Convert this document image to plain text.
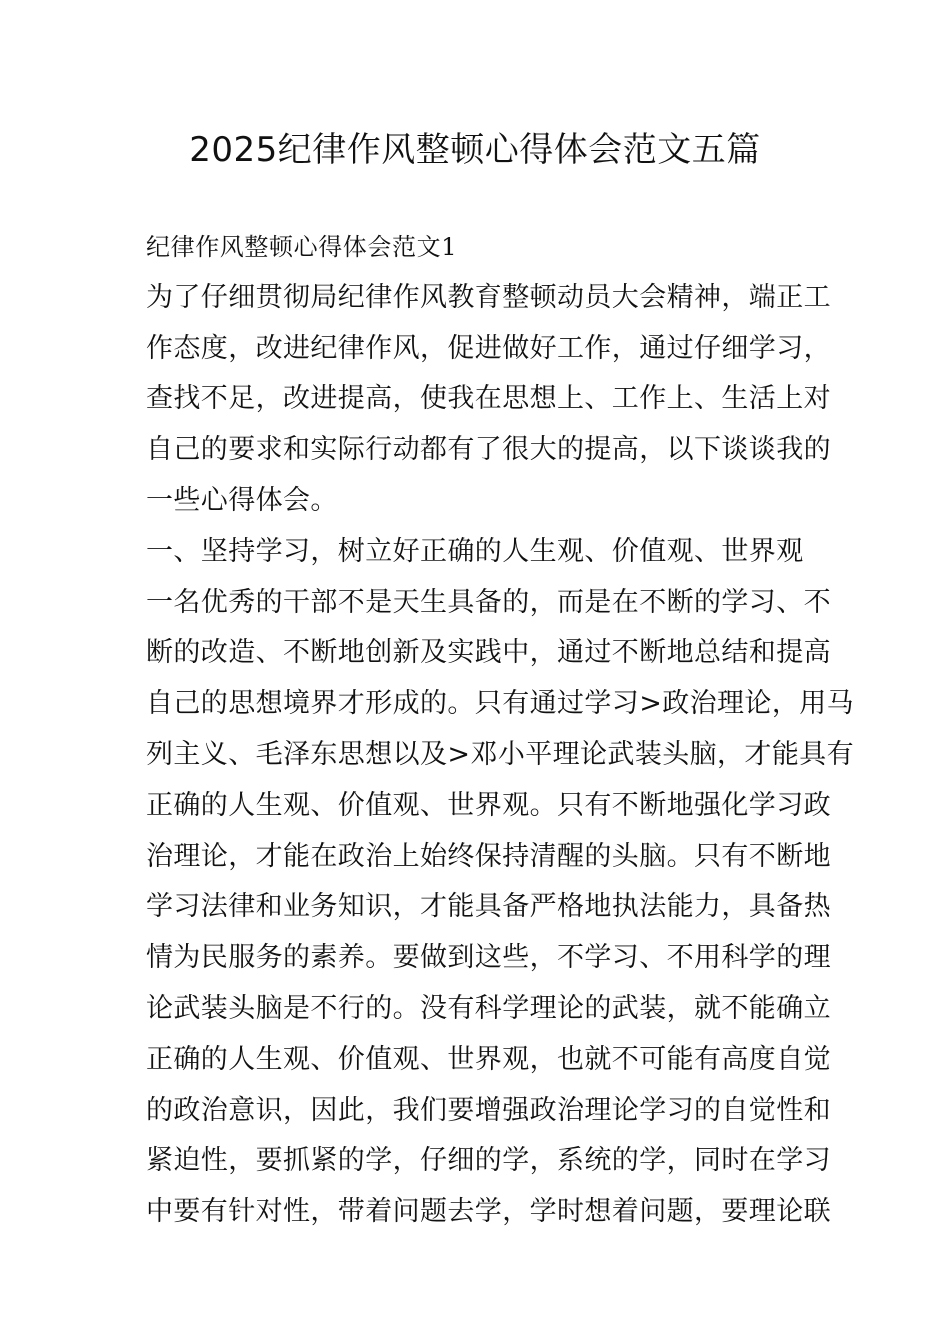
2025纪律作风整顿心得体会范文五篇
纪律作风整顿心得体会范文1
为了仔细贯彻局纪律作风教育整顿动员大会精神，端正工
作态度，改进纪律作风，促进做好工作，通过仔细学习，
查找不足，改进提高，使我在思想上、工作上、生活上对
自己的要求和实际行动都有了很大的提高，以下谈谈我的
一些心得体会。
一、坚持学习，树立好正确的人生观、价值观、世界观
一名优秀的干部不是天生具备的，而是在不断的学习、不
断的改造、不断地创新及实践中，通过不断地总结和提高
自己的思想境界才形成的。只有通过学习>政治理论，用马
列主义、毛泽东思想以及>邓小平理论武装头脑，才能具有
正确的人生观、价值观、世界观。只有不断地强化学习政
治理论，才能在政治上始终保持清醒的头脑。只有不断地
学习法律和业务知识，才能具备严格地执法能力，具备热
情为民服务的素养。要做到这些，不学习、不用科学的理
论武装头脑是不行的。没有科学理论的武装，就不能确立
正确的人生观、价值观、世界观，也就不可能有高度自觉
的政治意识，因此，我们要增强政治理论学习的自觉性和
紧迫性，要抓紧的学，仔细的学，系统的学，同时在学习
中要有针对性，带着问题去学，学时想着问题，要理论联
